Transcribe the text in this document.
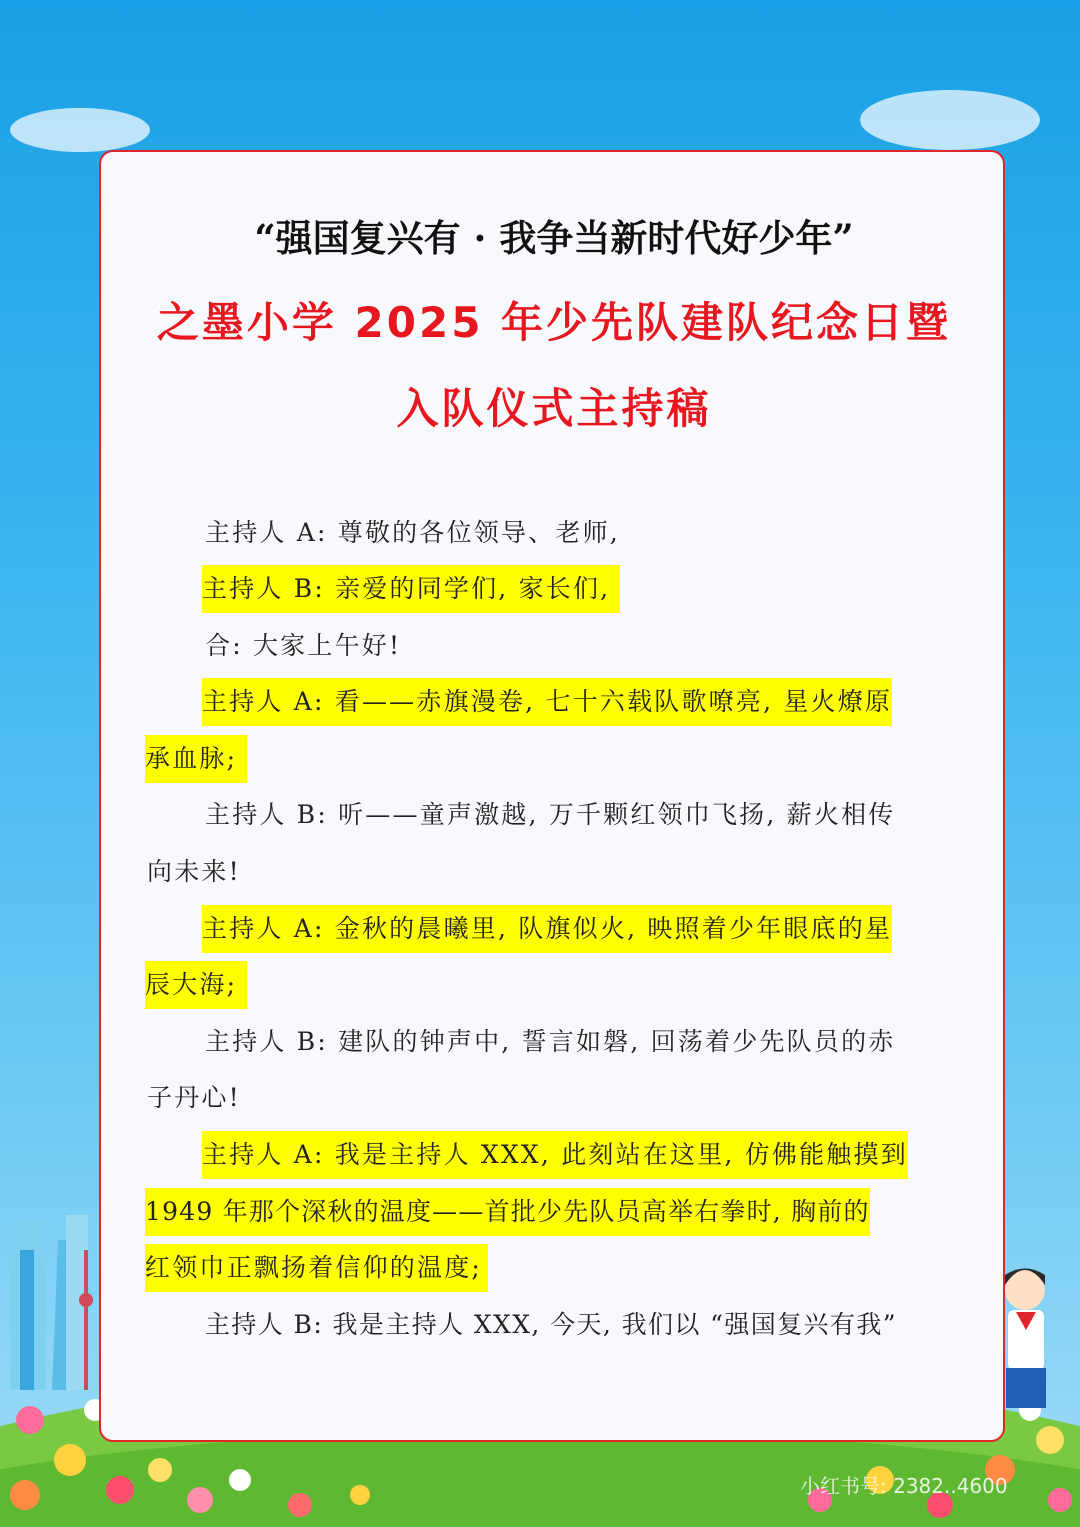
“强国复兴有 · 我争当新时代好少年”
之墨小学 2025 年少先队建队纪念日暨
入队仪式主持稿
主持人 A: 尊敬的各位领导、老师,
主持人 B: 亲爱的同学们, 家长们,
合: 大家上午好!
主持人 A: 看——赤旗漫卷, 七十六载队歌嘹亮, 星火燎原
承血脉;
主持人 B: 听——童声激越, 万千颗红领巾飞扬, 薪火相传
向未来!
主持人 A: 金秋的晨曦里, 队旗似火, 映照着少年眼底的星
辰大海;
主持人 B: 建队的钟声中, 誓言如磐, 回荡着少先队员的赤
子丹心!
主持人 A: 我是主持人 XXX, 此刻站在这里, 仿佛能触摸到
1949 年那个深秋的温度——首批少先队员高举右拳时, 胸前的
红领巾正飘扬着信仰的温度;
主持人 B: 我是主持人 XXX, 今天, 我们以 “强国复兴有我”
小红书号: 2382..4600
